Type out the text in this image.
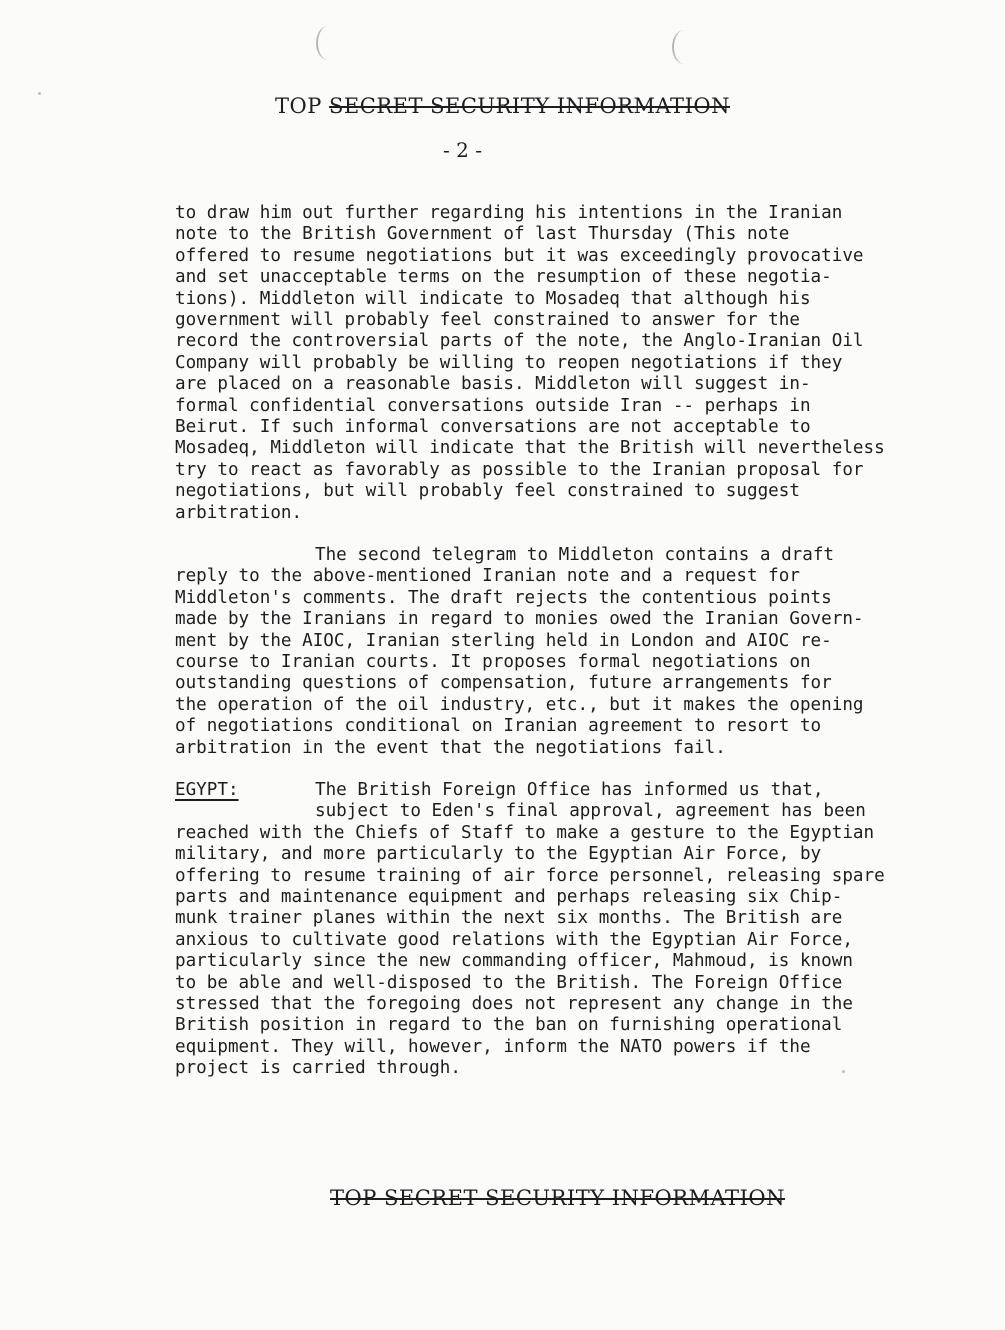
TOP SECRET SECURITY INFORMATION
- 2 -
to draw him out further regarding his intentions in the Iranian
note to the British Government of last Thursday (This note
offered to resume negotiations but it was exceedingly provocative
and set unacceptable terms on the resumption of these negotia-
tions). Middleton will indicate to Mosadeq that although his
government will probably feel constrained to answer for the
record the controversial parts of the note, the Anglo-Iranian Oil
Company will probably be willing to reopen negotiations if they
are placed on a reasonable basis. Middleton will suggest in-
formal confidential conversations outside Iran -- perhaps in
Beirut. If such informal conversations are not acceptable to
Mosadeq, Middleton will indicate that the British will nevertheless
try to react as favorably as possible to the Iranian proposal for
negotiations, but will probably feel constrained to suggest
arbitration.
The second telegram to Middleton contains a draft
reply to the above-mentioned Iranian note and a request for
Middleton's comments. The draft rejects the contentious points
made by the Iranians in regard to monies owed the Iranian Govern-
ment by the AIOC, Iranian sterling held in London and AIOC re-
course to Iranian courts. It proposes formal negotiations on
outstanding questions of compensation, future arrangements for
the operation of the oil industry, etc., but it makes the opening
of negotiations conditional on Iranian agreement to resort to
arbitration in the event that the negotiations fail.
EGYPT:	The British Foreign Office has informed us that,
subject to Eden's final approval, agreement has been
reached with the Chiefs of Staff to make a gesture to the Egyptian
military, and more particularly to the Egyptian Air Force, by
offering to resume training of air force personnel, releasing spare
parts and maintenance equipment and perhaps releasing six Chip-
munk trainer planes within the next six months. The British are
anxious to cultivate good relations with the Egyptian Air Force,
particularly since the new commanding officer, Mahmoud, is known
to be able and well-disposed to the British. The Foreign Office
stressed that the foregoing does not represent any change in the
British position in regard to the ban on furnishing operational
equipment. They will, however, inform the NATO powers if the
project is carried through.
TOP SECRET SECURITY INFORMATION
